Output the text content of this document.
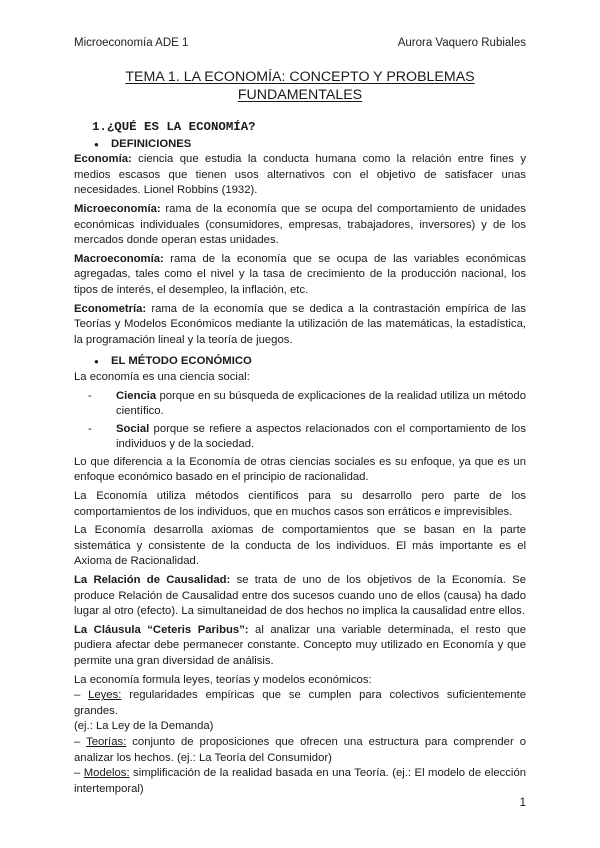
Microeconomía ADE 1	Aurora Vaquero Rubiales
TEMA 1. LA ECONOMÍA: CONCEPTO Y PROBLEMAS
FUNDAMENTALES
1.¿QUÉ ES LA ECONOMÍA?
●	DEFINICIONES

Economía: ciencia que estudia la conducta humana como la relación entre fines y medios escasos que tienen usos alternativos con el objetivo de satisfacer unas necesidades. Lionel Robbins (1932).

Microeconomía: rama de la economía que se ocupa del comportamiento de unidades económicas individuales (consumidores, empresas, trabajadores, inversores) y de los mercados donde operan estas unidades.

Macroeconomía: rama de la economía que se ocupa de las variables económicas agregadas, tales como el nivel y la tasa de crecimiento de la producción nacional, los tipos de interés, el desempleo, la inflación, etc.

Econometría: rama de la economía que se dedica a la contrastación empírica de las Teorías y Modelos Económicos mediante la utilización de las matemáticas, la estadística, la programación lineal y la teoría de juegos.

●	EL MÉTODO ECONÓMICO

La economía es una ciencia social:

-	Ciencia porque en su búsqueda de explicaciones de la realidad utiliza un método científico.
-	Social porque se refiere a aspectos relacionados con el comportamiento de los individuos y de la sociedad.

Lo que diferencia a la Economía de otras ciencias sociales es su enfoque, ya que es un enfoque económico basado en el principio de racionalidad.

La Economía utiliza métodos científicos para su desarrollo pero parte de los comportamientos de los individuos, que en muchos casos son erráticos e imprevisibles.

La Economía desarrolla axiomas de comportamientos que se basan en la parte sistemática y consistente de la conducta de los individuos. El más importante es el Axioma de Racionalidad.

La Relación de Causalidad: se trata de uno de los objetivos de la Economía. Se produce Relación de Causalidad entre dos sucesos cuando uno de ellos (causa) ha dado lugar al otro (efecto). La simultaneidad de dos hechos no implica la causalidad entre ellos.

La Cláusula “Ceteris Paribus”: al analizar una variable determinada, el resto que pudiera afectar debe permanecer constante. Concepto muy utilizado en Economía y que permite una gran diversidad de análisis.

La economía formula leyes, teorías y modelos económicos:

– Leyes: regularidades empíricas que se cumplen para colectivos suficientemente grandes.

(ej.: La Ley de la Demanda)

– Teorías: conjunto de proposiciones que ofrecen una estructura para comprender o analizar los hechos. (ej.: La Teoría del Consumidor)

– Modelos: simplificación de la realidad basada en una Teoría. (ej.: El modelo de elección intertemporal)

1
